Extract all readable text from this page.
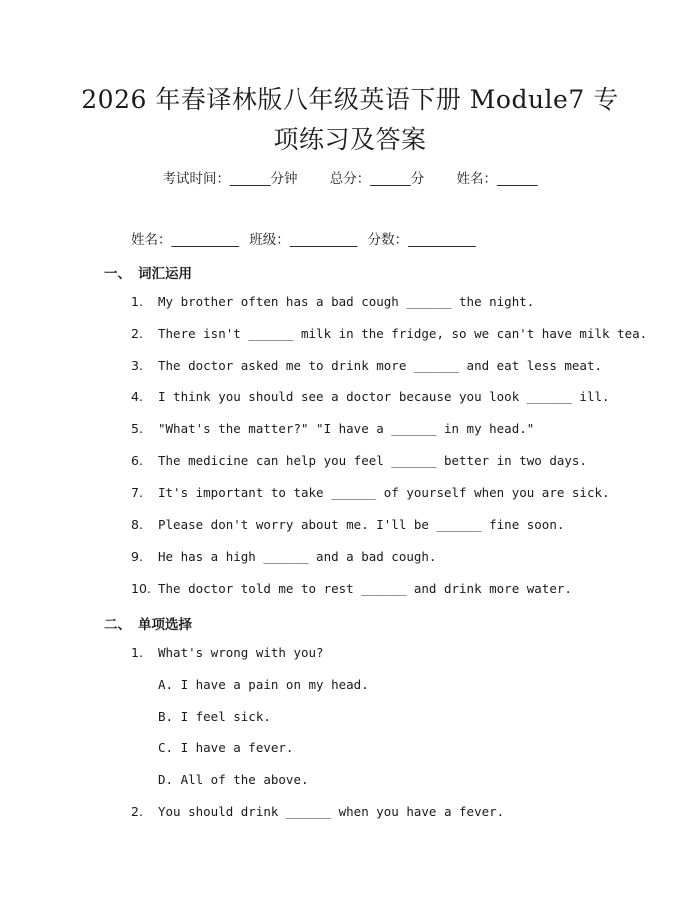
2026 年春译林版八年级英语下册 Module7 专
项练习及答案
考试时间：______分钟 总分：______分 姓名：______
姓名：__________ 班级：__________ 分数：__________
一、 词汇运用
1. My brother often has a bad cough ______ the night.
2. There isn't ______ milk in the fridge, so we can't have milk tea.
3. The doctor asked me to drink more ______ and eat less meat.
4. I think you should see a doctor because you look ______ ill.
5. "What's the matter?" "I have a ______ in my head."
6. The medicine can help you feel ______ better in two days.
7. It's important to take ______ of yourself when you are sick.
8. Please don't worry about me. I'll be ______ fine soon.
9. He has a high ______ and a bad cough.
10. The doctor told me to rest ______ and drink more water.
二、 单项选择
1. What's wrong with you?
A. I have a pain on my head.
B. I feel sick.
C. I have a fever.
D. All of the above.
2. You should drink ______ when you have a fever.
